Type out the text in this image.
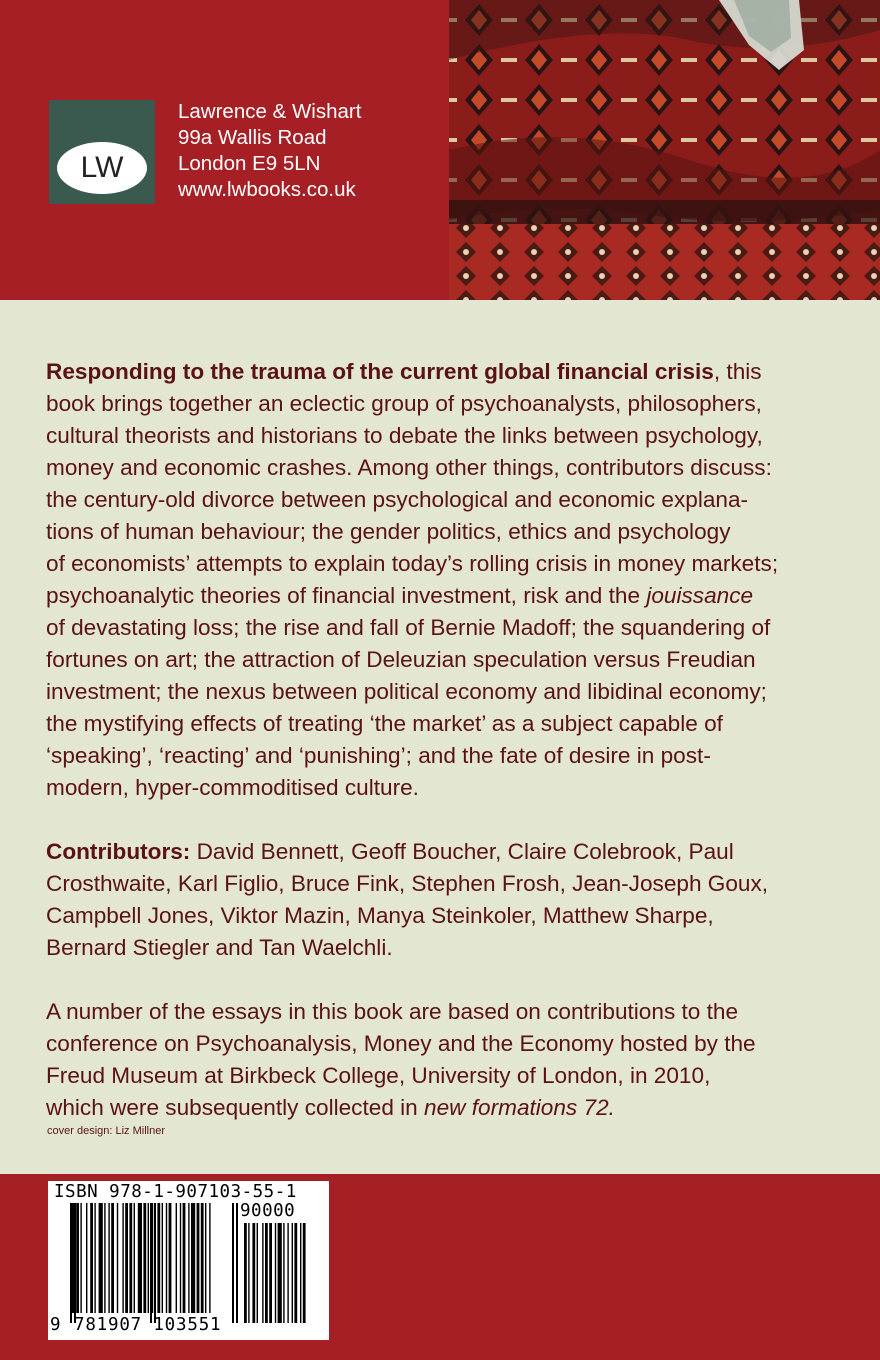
LW
Lawrence & Wishart
99a Wallis Road
London E9 5LN
www.lwbooks.co.uk

Responding to the trauma of the current global financial crisis, this
book brings together an eclectic group of psychoanalysts, philosophers,
cultural theorists and historians to debate the links between psychology,
money and economic crashes. Among other things, contributors discuss:
the century-old divorce between psychological and economic explana-
tions of human behaviour; the gender politics, ethics and psychology
of economists’ attempts to explain today’s rolling crisis in money markets;
psychoanalytic theories of financial investment, risk and the jouissance
of devastating loss; the rise and fall of Bernie Madoff; the squandering of
fortunes on art; the attraction of Deleuzian speculation versus Freudian
investment; the nexus between political economy and libidinal economy;
the mystifying effects of treating ‘the market’ as a subject capable of
‘speaking’, ‘reacting’ and ‘punishing’; and the fate of desire in post-
modern, hyper-commoditised culture.

Contributors: David Bennett, Geoff Boucher, Claire Colebrook, Paul
Crosthwaite, Karl Figlio, Bruce Fink, Stephen Frosh, Jean-Joseph Goux,
Campbell Jones, Viktor Mazin, Manya Steinkoler, Matthew Sharpe,
Bernard Stiegler and Tan Waelchli.

A number of the essays in this book are based on contributions to the
conference on Psychoanalysis, Money and the Economy hosted by the
Freud Museum at Birkbeck College, University of London, in 2010,
which were subsequently collected in new formations 72.

cover design: Liz Millner
ISBN 978-1-907103-55-1
90000
9 781907 103551
